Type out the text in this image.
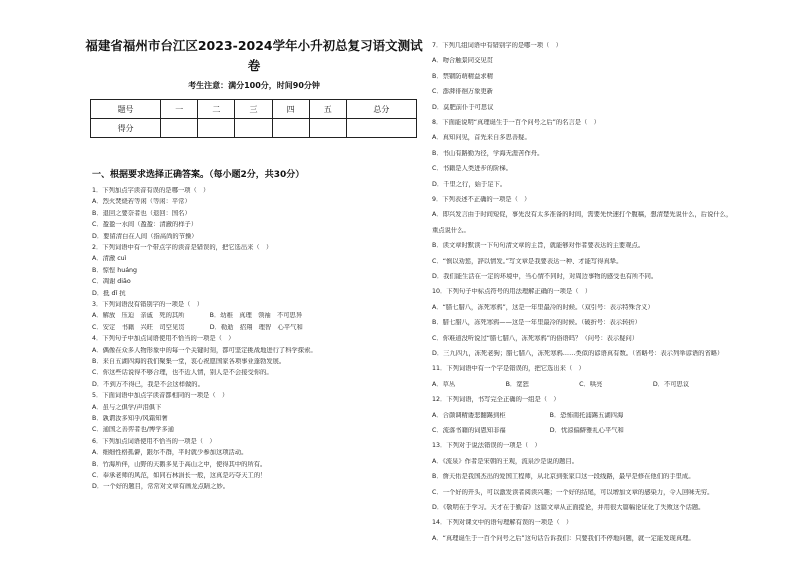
福建省福州市台江区2023-2024学年小升初总复习语文测试
卷
考生注意：满分100分，时间90分钟
题号	一	二	三	四	五	总分
得分						
一、根据要求选择正确答案。（每小题2分，共30分）
1．下列加点字读音有误的是哪一项（　）
A．烈火焚烧若等闲（等闲：平常）
B．退回之要奈者也（退回：国名）
C．盈盈一水间（盈盈：清澈的样子）
D．要留清白在人间（指高尚的节操）
2．下列词语中有一个带点字的读音是错误的，把它选出来（　）
A．清澈 cuì
B．惊惶 huáng
C．凋谢 diāo
D．抵 dǐ 抗
3．下列词语没有错别字的一项是（　）
A．解放　压迫　亲戚　死的其所　　　　B．幼稚　真理　领袖　不可思异
C．安定　书籍　兴旺　司空见贯　　　　D．勒逝　招翔　理智　心平气和
4．下列句子中加点词语使用不恰当的一项是（　）
A．偶像在众多人物形象中的每一个关键时刻，都可坚定挑战地进行了科学探索。
B．来自五湖四海的我们聚集一堂，衷心祝愿国家各项事业蓬勃发展。
C．你这些话说得不够合理，也不近人情，别人是不会接受你的。
D．不到万不得已，我是不会这样做的。
5．下面词语中加点字读音都相同的一项是（　）
A．虽与之俱学/声泪俱下
B．孰谓汝多知乎/风霜知奢
C．通国之善弈者也/博学多通
6．下列加点词语使用不恰当的一项是（　）
A．细细性格孤僻，跟尔不群，平时就少参加这项活动。
B．竹海所伴，山野的天鹅多见于高山之中，使得其中的所有。
C．奉承老师的风范，如同石林涓长一般，这真是巧夺天工的！
D．一个好的题目，常常对文章有画龙点睛之妙。
7．下列几组词语中有错别字的是哪一项（　）
A．吻合触景同交见贯
B．禁锢防萌精益求精
C．澎湃徘徊万象更新
D．莫肥前仆于可思议
8．下面能说明“真理诞生于一百个问号之后”的名言是（　）
A．真知问见，首先来自多思善疑。
B．书山有路勤为径，学海无涯苦作舟。
C．书籍是人类进步的阶梯。
D．千里之行，始于足下。
9．下列表述不正确的一项是（　）
A．即兴发言由于时间短促，事先没有太多准备的时间，需要先快速打个腹稿，想清楚先说什么，后说什么，
重点说什么。
B．读文章时默读一下句句清文章的主旨，就能够对作者要表达的主要观点。
C．“慎以劝惩，辞以情发。”写文章是我要表达一种、才能写得真挚。
D．我们能生活在一定的环境中，当心情不同时，对周边事物的感受也有所不同。
10．下列句子中标点符号的用法理解正确的一项是（　）
A．“腊七腊八，冻死寒鸦”，这是一年里最冷的时候。（双引号：表示特殊含义）
B．腊七腊八，冻死寒鸦——这是一年里最冷的时候。（破折号：表示转折）
C．你难道没听说过“腊七腊八，冻死寒鸦”的俗语吗？（问号：表示疑问）
D．三九四九，冻死老狗；腊七腊八，冻死寒鸦……类似的谚语真有数。（省略号：表示列举谚语的省略）
11．下列词语中有一个字是错误的，把它选出来（　）
A．草丛　　　　　　　　B．宽恕　　　　　　　　C．哄亮　　　　　　　　D．不可思议
12．下列词语，书写完全正确的一组是（　）
A．合颜调精诿悲翻踢到柜　　　　　　　B．恐怖南托浦踢五湖四海
C．流落书籍的词恩知非福　　　　　　　D．忧涼偏僻雅礼心平气和
13．下列对于说法错误的一项是（　）
A．《流泉》作者是宋朝的王观，流泉沙是说的题目。
B．詹天佑是我国杰出的爱国工程师，从北京到张家口这一段线路，最早是修在他们的手里成。
C．一个好的开头，可以激发读者阅读兴趣；一个好的结尾，可以增加文章的感染力，令人回味无穷。
D．《敬明在于学习。天才在于勤奋》这篇文章从正面提论，并用很大篇幅论证化了失败这个话题。
14．下列对课文中的语句理解有误的一项是（　）
A．“真理诞生于一百个问号之后”这句话告诉我们：只要我们不停地问题，就一定能发现真理。
